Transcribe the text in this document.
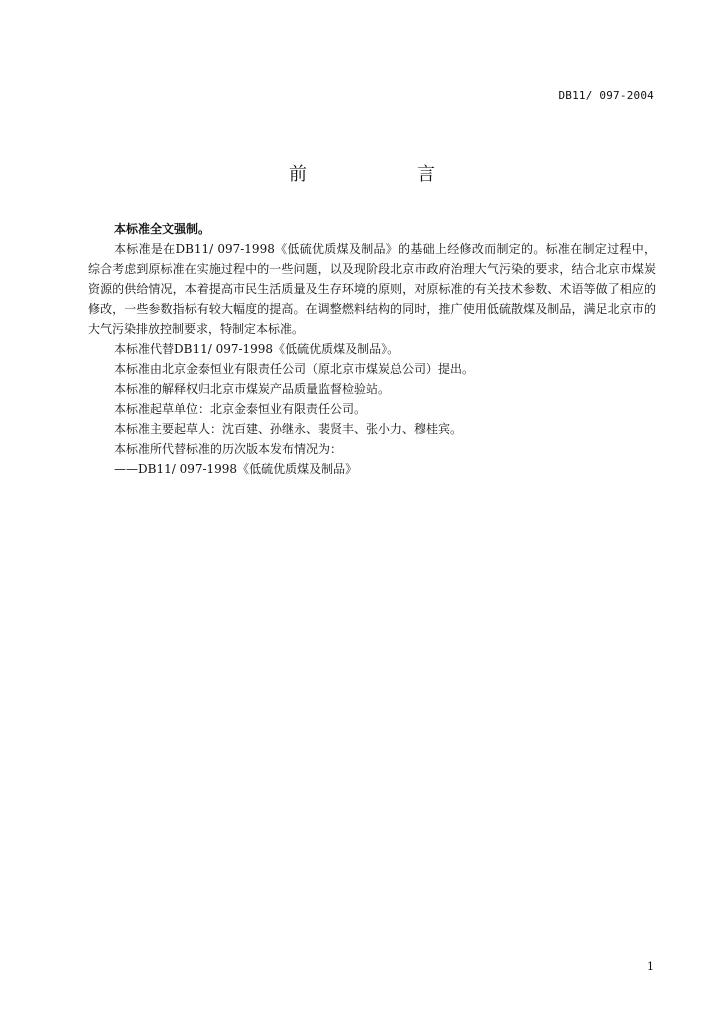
DB11/ 097-2004
前　言

本标准全文强制。

本标准是在DB11/ 097-1998《低硫优质煤及制品》的基础上经修改而制定的。标准在制定过程中，综合考虑到原标准在实施过程中的一些问题，以及现阶段北京市政府治理大气污染的要求，结合北京市煤炭资源的供给情况，本着提高市民生活质量及生存环境的原则，对原标准的有关技术参数、术语等做了相应的修改，一些参数指标有较大幅度的提高。在调整燃料结构的同时，推广使用低硫散煤及制品，满足北京市的大气污染排放控制要求，特制定本标准。

本标准代替DB11/ 097-1998《低硫优质煤及制品》。

本标准由北京金泰恒业有限责任公司（原北京市煤炭总公司）提出。

本标准的解释权归北京市煤炭产品质量监督检验站。

本标准起草单位：北京金泰恒业有限责任公司。

本标准主要起草人：沈百建、孙继永、裴贤丰、张小力、穆桂宾。

本标准所代替标准的历次版本发布情况为：

——DB11/ 097-1998《低硫优质煤及制品》

1
